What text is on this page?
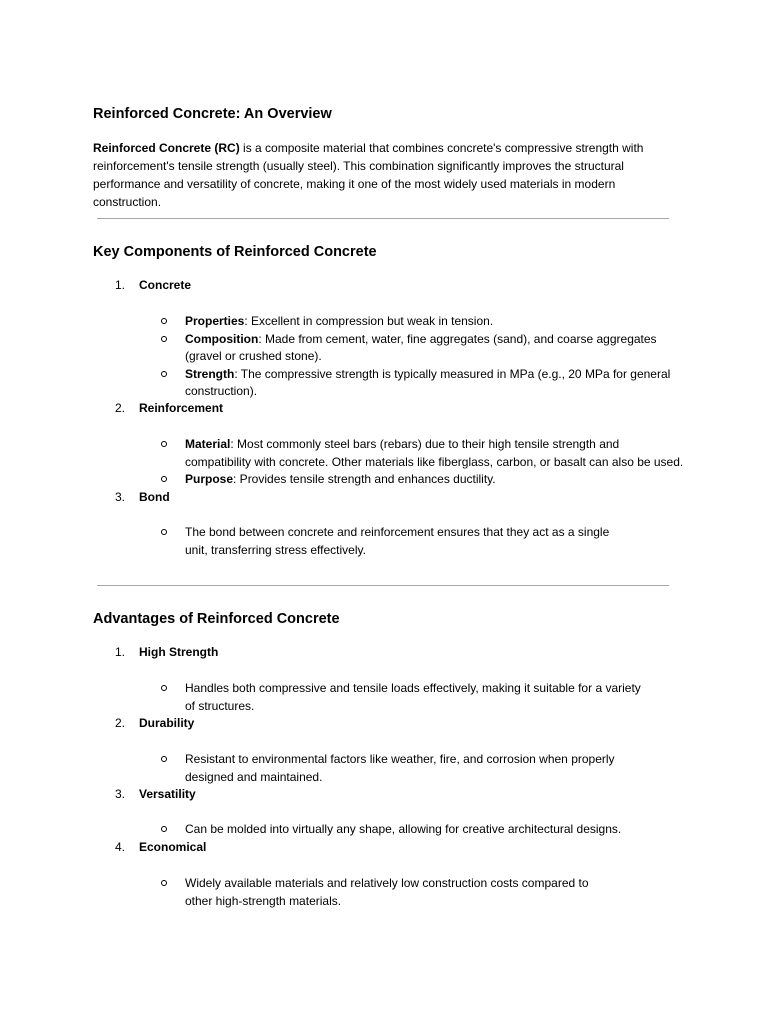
Reinforced Concrete: An Overview

Reinforced Concrete (RC) is a composite material that combines concrete's compressive strength with reinforcement's tensile strength (usually steel). This combination significantly improves the structural performance and versatility of concrete, making it one of the most widely used materials in modern construction.

Key Components of Reinforced Concrete
1.	Concrete
Properties: Excellent in compression but weak in tension.
Composition: Made from cement, water, fine aggregates (sand), and coarse aggregates (gravel or crushed stone).
Strength: The compressive strength is typically measured in MPa (e.g., 20 MPa for general construction).
2.	Reinforcement
Material: Most commonly steel bars (rebars) due to their high tensile strength and compatibility with concrete. Other materials like fiberglass, carbon, or basalt can also be used.
Purpose: Provides tensile strength and enhances ductility.
3.	Bond
The bond between concrete and reinforcement ensures that they act as a single unit, transferring stress effectively.
Advantages of Reinforced Concrete
1.	High Strength
Handles both compressive and tensile loads effectively, making it suitable for a variety of structures.
2.	Durability
Resistant to environmental factors like weather, fire, and corrosion when properly designed and maintained.
3.	Versatility
Can be molded into virtually any shape, allowing for creative architectural designs.
4.	Economical
Widely available materials and relatively low construction costs compared to other high-strength materials.
